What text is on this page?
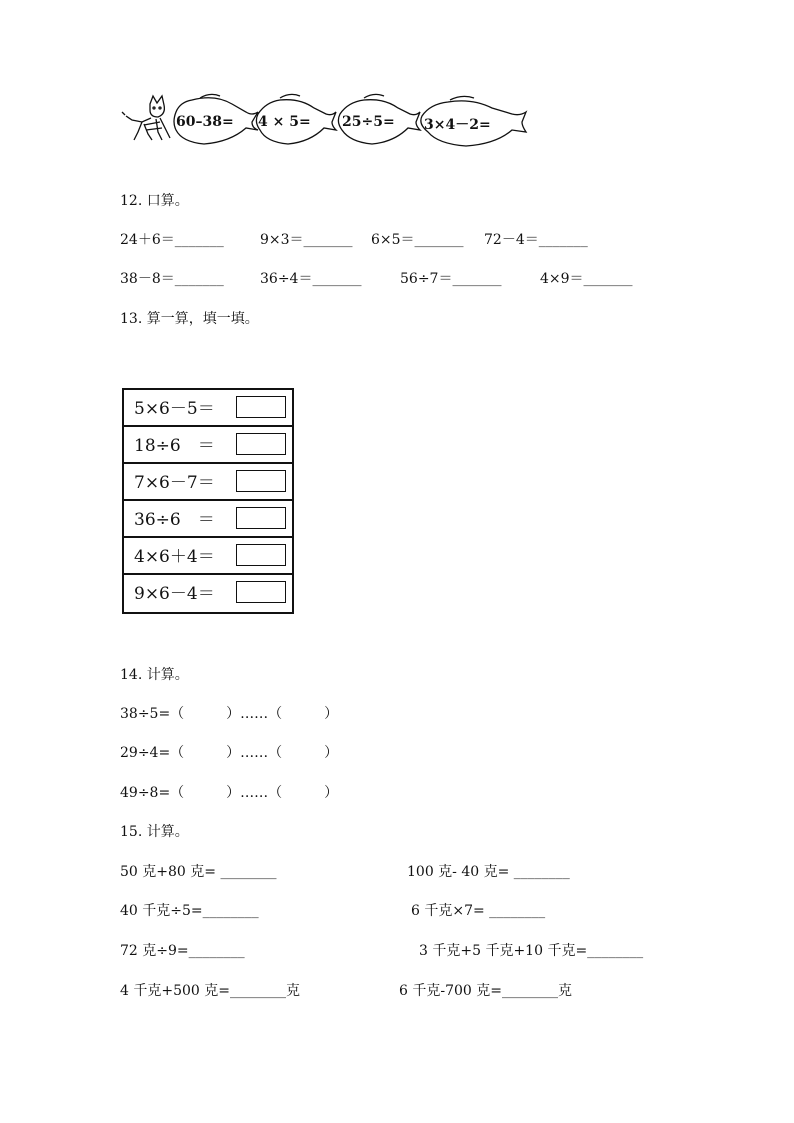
60–38= 4 × 5= 25÷5= 3×4－2=
12. 口算。
24＋6＝_______	9×3＝_______ 6×5＝_______ 72－4＝_______
38－8＝_______	36÷4＝_______	56÷7＝_______	4×9＝_______
13. 算一算，填一填。
5×6－5＝
18÷6　＝
7×6－7＝
36÷6　＝
4×6＋4＝
9×6－4＝
14. 计算。
38÷5=（　　　）……（　　　）
29÷4=（　　　）……（　　　）
49÷8=（　　　）……（　　　）
15. 计算。
50 克+80 克= ________	100 克- 40 克= ________
40 千克÷5=________	6 千克×7= ________
72 克÷9=________	3 千克+5 千克+10 千克=________
4 千克+500 克=________克	6 千克-700 克=________克
